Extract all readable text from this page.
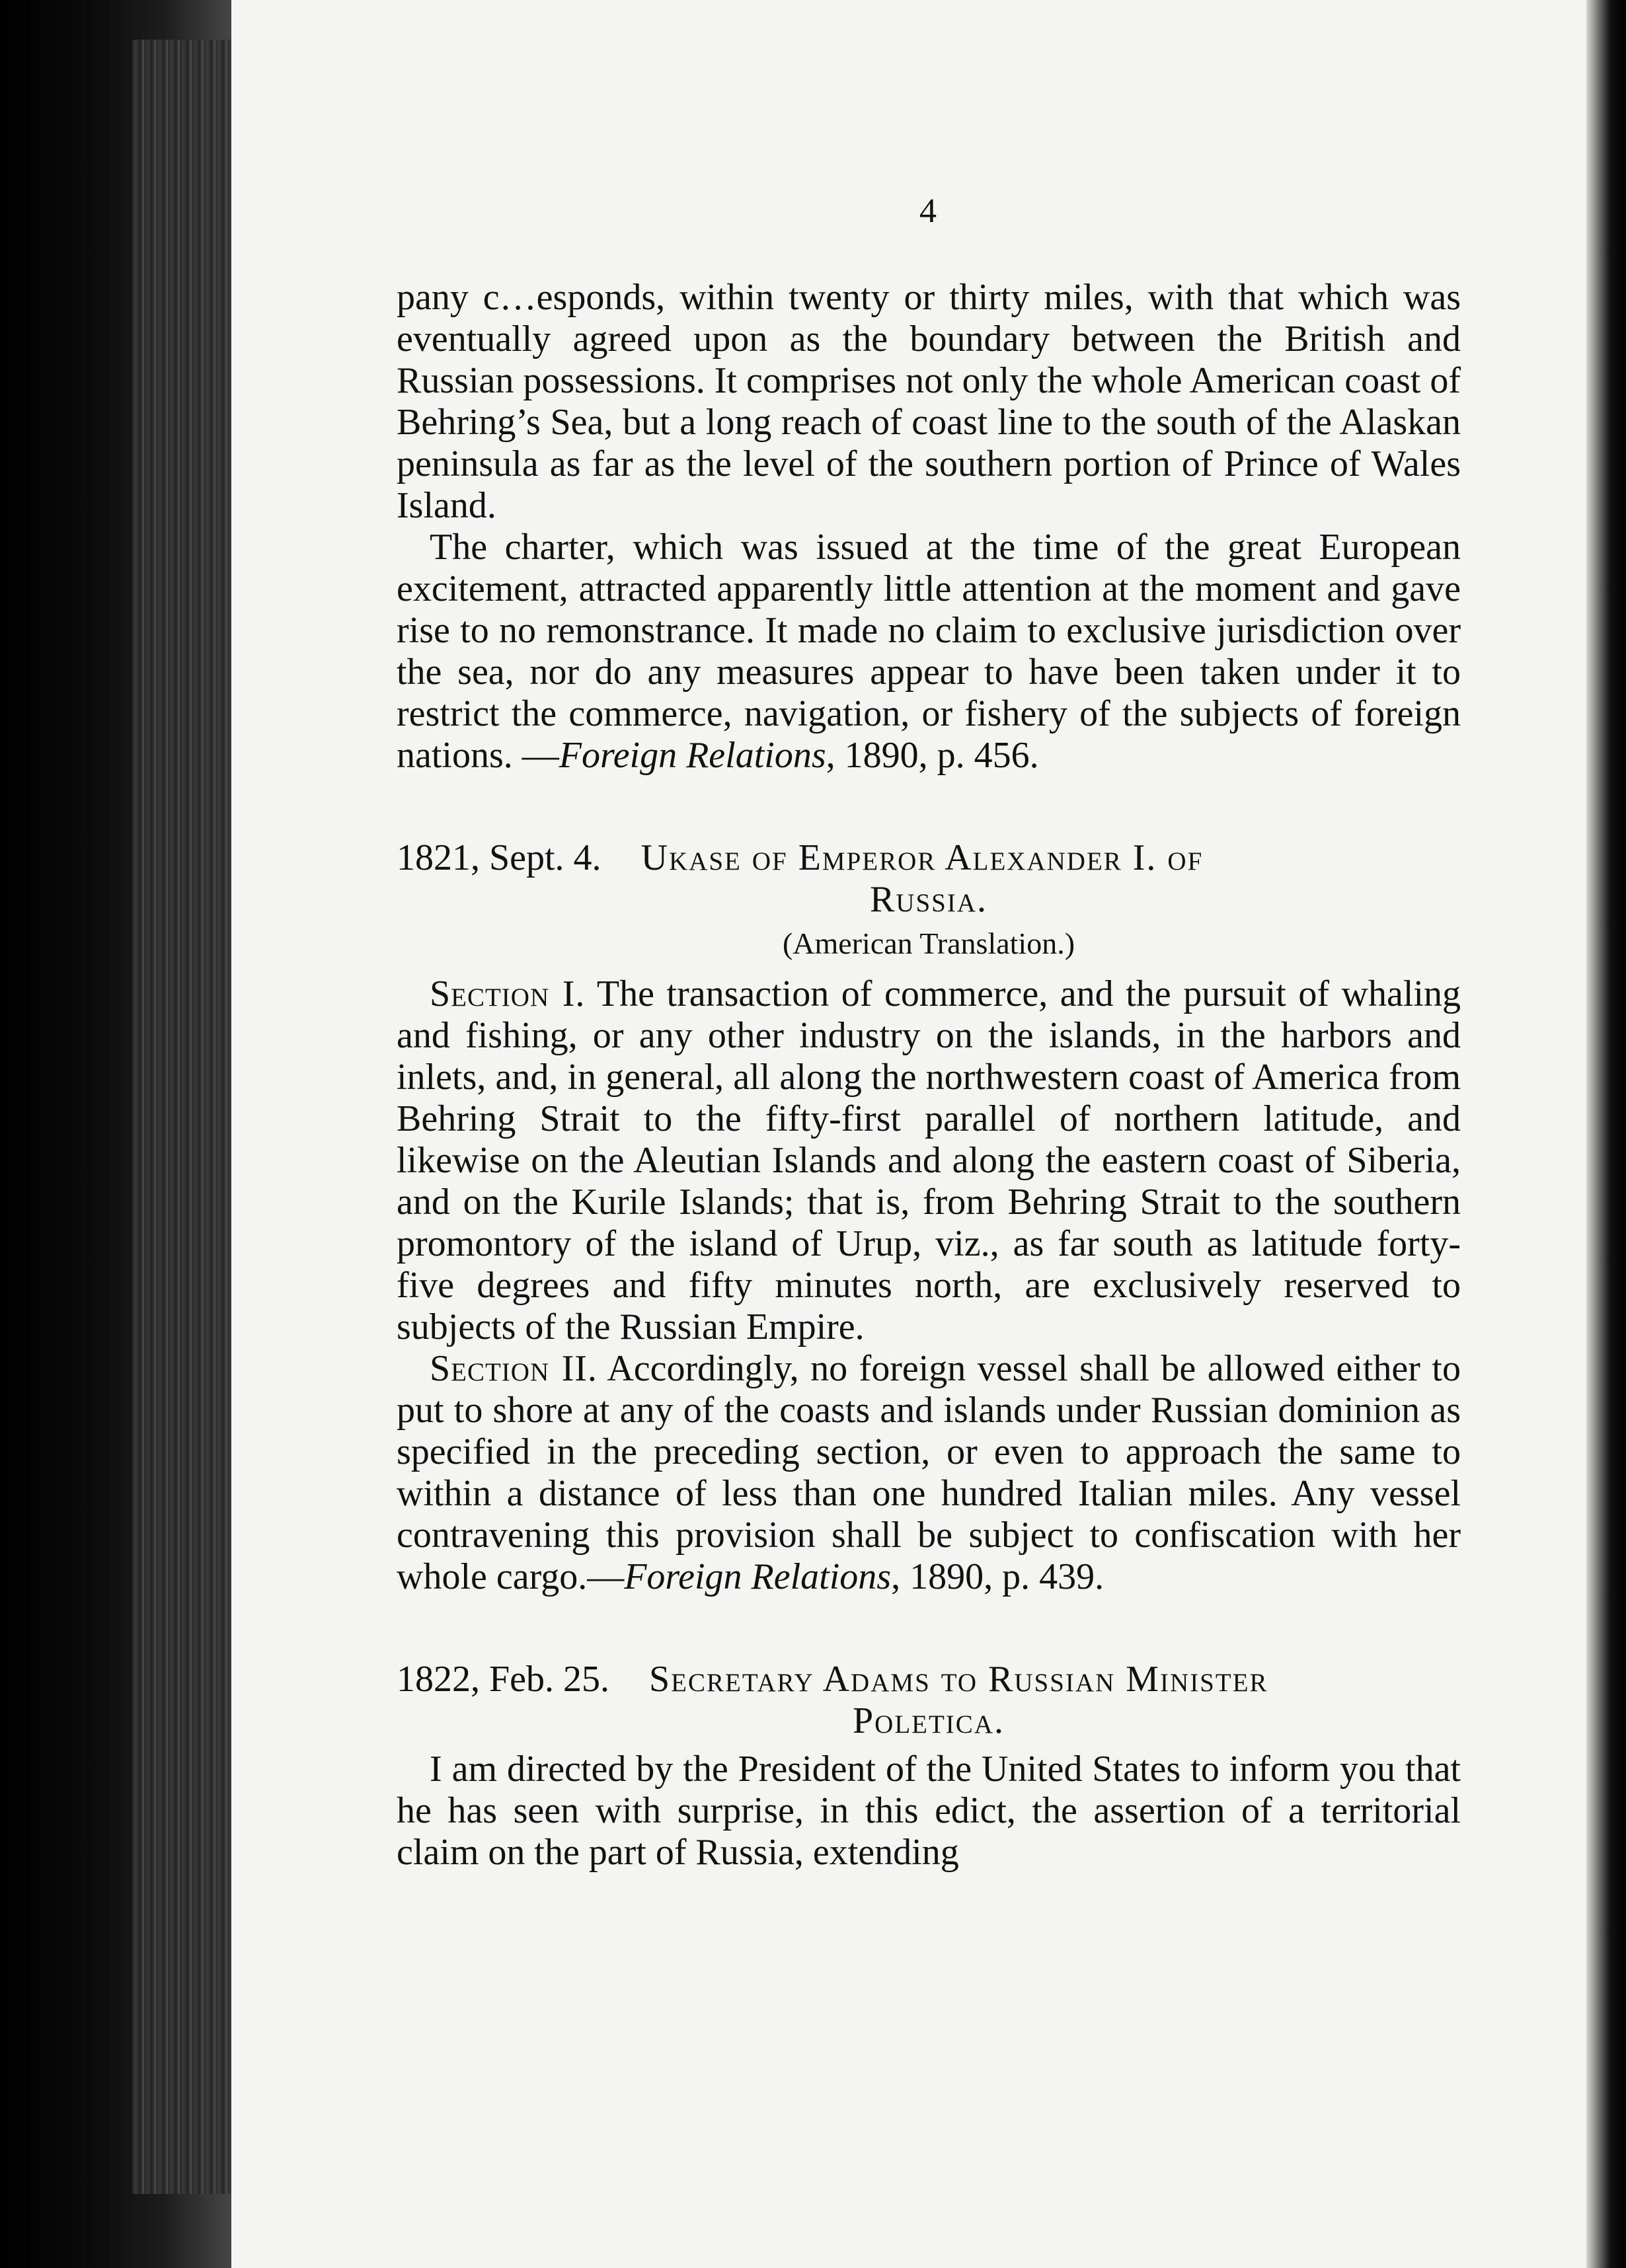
4

pany c…esponds, within twenty or thirty miles, with that which was eventually agreed upon as the boundary between the British and Russian possessions. It comprises not only the whole American coast of Behring’s Sea, but a long reach of coast line to the south of the Alaskan peninsula as far as the level of the southern portion of Prince of Wales Island.

The charter, which was issued at the time of the great European excitement, attracted apparently little attention at the moment and gave rise to no remonstrance. It made no claim to exclusive jurisdiction over the sea, nor do any measures appear to have been taken under it to restrict the commerce, navigation, or fishery of the subjects of foreign nations. —Foreign Relations, 1890, p. 456.

1821, Sept. 4. Ukase of Emperor Alexander I. of
Russia.
(American Translation.)

Section I. The transaction of commerce, and the pursuit of whaling and fishing, or any other industry on the islands, in the harbors and inlets, and, in general, all along the northwestern coast of America from Behring Strait to the fifty-first parallel of northern latitude, and likewise on the Aleutian Islands and along the eastern coast of Siberia, and on the Kurile Islands; that is, from Behring Strait to the southern promontory of the island of Urup, viz., as far south as latitude forty-five degrees and fifty minutes north, are exclusively reserved to subjects of the Russian Empire.

Section II. Accordingly, no foreign vessel shall be allowed either to put to shore at any of the coasts and islands under Russian dominion as specified in the preceding section, or even to approach the same to within a distance of less than one hundred Italian miles. Any vessel contravening this provision shall be subject to confiscation with her whole cargo.—Foreign Relations, 1890, p. 439.

1822, Feb. 25. Secretary Adams to Russian Minister
Poletica.

I am directed by the President of the United States to inform you that he has seen with surprise, in this edict, the assertion of a territorial claim on the part of Russia, extending
